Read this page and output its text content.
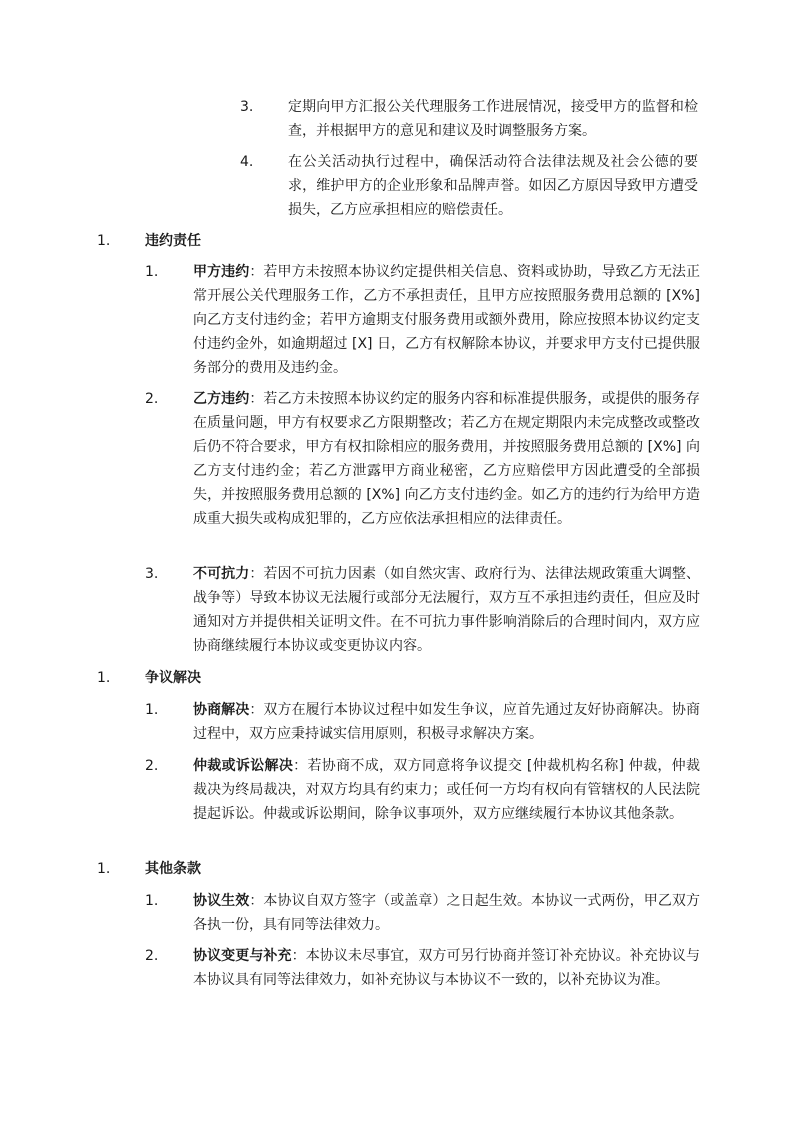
3. 定期向甲方汇报公关代理服务工作进展情况，接受甲方的监督和检查，并根据甲方的意见和建议及时调整服务方案。

4. 在公关活动执行过程中，确保活动符合法律法规及社会公德的要求，维护甲方的企业形象和品牌声誉。如因乙方原因导致甲方遭受损失，乙方应承担相应的赔偿责任。

1. 违约责任
1. 甲方违约：若甲方未按照本协议约定提供相关信息、资料或协助，导致乙方无法正常开展公关代理服务工作，乙方不承担责任，且甲方应按照服务费用总额的 [X%] 向乙方支付违约金；若甲方逾期支付服务费用或额外费用，除应按照本协议约定支付违约金外，如逾期超过 [X] 日，乙方有权解除本协议，并要求甲方支付已提供服务部分的费用及违约金。

2. 乙方违约：若乙方未按照本协议约定的服务内容和标准提供服务，或提供的服务存在质量问题，甲方有权要求乙方限期整改；若乙方在规定期限内未完成整改或整改后仍不符合要求，甲方有权扣除相应的服务费用，并按照服务费用总额的 [X%] 向乙方支付违约金；若乙方泄露甲方商业秘密，乙方应赔偿甲方因此遭受的全部损失，并按照服务费用总额的 [X%] 向乙方支付违约金。如乙方的违约行为给甲方造成重大损失或构成犯罪的，乙方应依法承担相应的法律责任。

3. 不可抗力：若因不可抗力因素（如自然灾害、政府行为、法律法规政策重大调整、战争等）导致本协议无法履行或部分无法履行，双方互不承担违约责任，但应及时通知对方并提供相关证明文件。在不可抗力事件影响消除后的合理时间内，双方应协商继续履行本协议或变更协议内容。

1. 争议解决
1. 协商解决：双方在履行本协议过程中如发生争议，应首先通过友好协商解决。协商过程中，双方应秉持诚实信用原则，积极寻求解决方案。

2. 仲裁或诉讼解决：若协商不成，双方同意将争议提交 [仲裁机构名称] 仲裁，仲裁裁决为终局裁决，对双方均具有约束力；或任何一方均有权向有管辖权的人民法院提起诉讼。仲裁或诉讼期间，除争议事项外，双方应继续履行本协议其他条款。

1. 其他条款
1. 协议生效：本协议自双方签字（或盖章）之日起生效。本协议一式两份，甲乙双方各执一份，具有同等法律效力。

2. 协议变更与补充：本协议未尽事宜，双方可另行协商并签订补充协议。补充协议与本协议具有同等法律效力，如补充协议与本协议不一致的，以补充协议为准。
